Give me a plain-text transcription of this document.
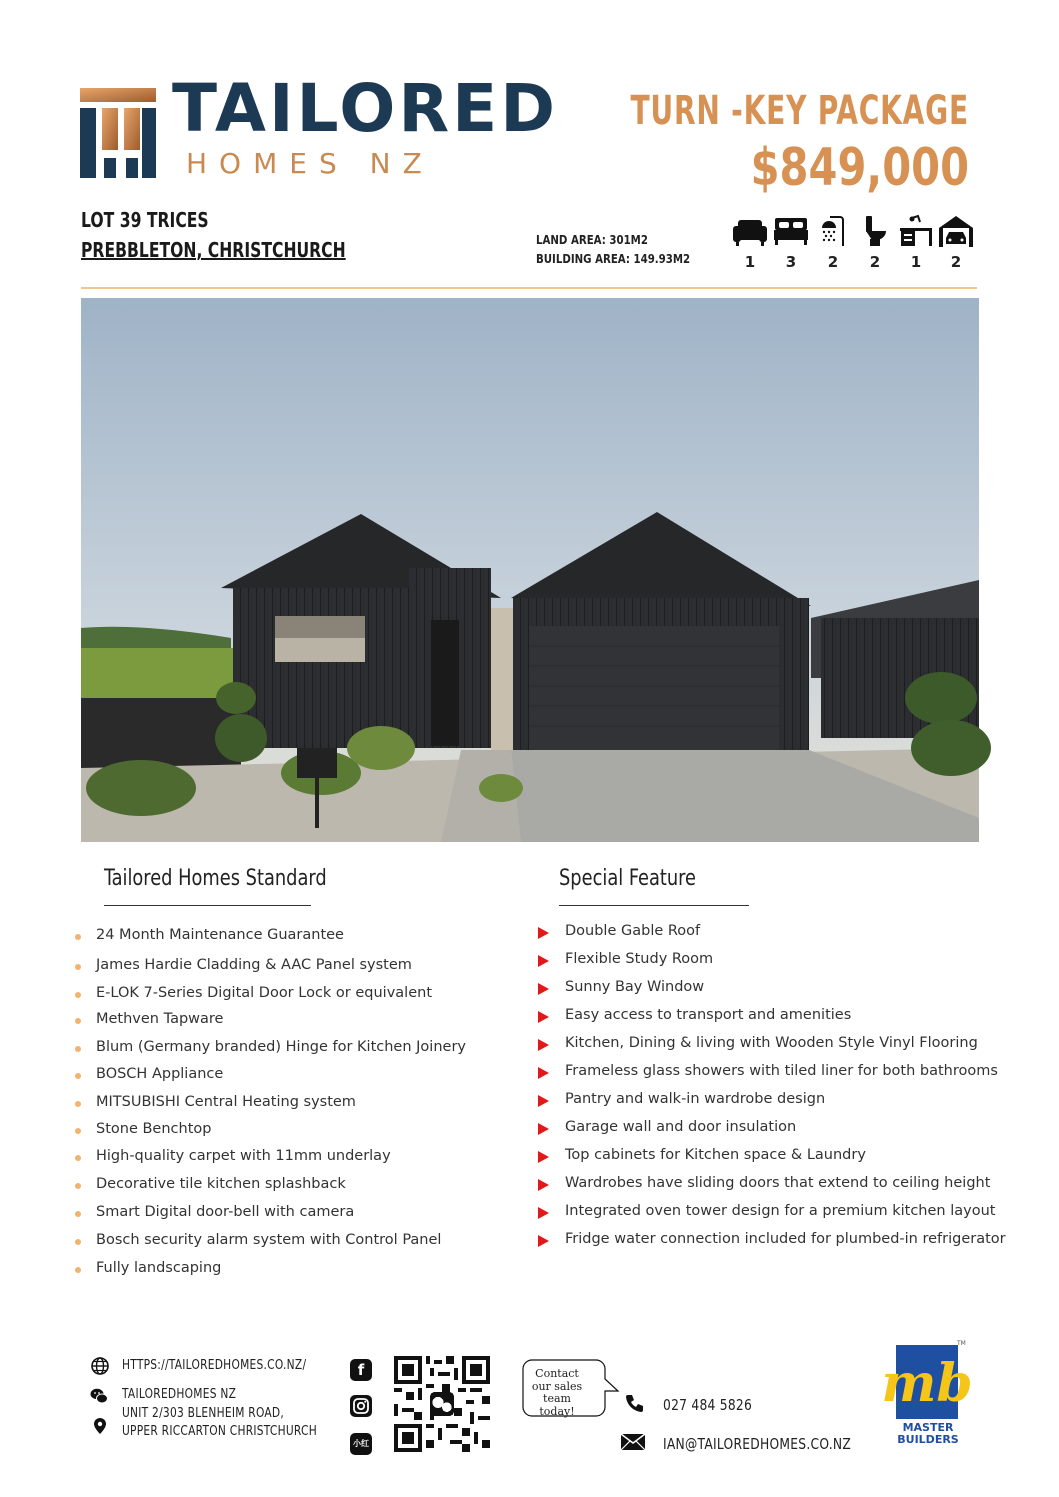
TAILORED
HOMES NZ
TURN -KEY PACKAGE
$849,000
LOT 39 TRICES
PREBBLETON, CHRISTCHURCH	LAND AREA: 301M2
BUILDING AREA: 149.93M2	1	3	2	2	1	2
Tailored Homes Standard
24 Month Maintenance Guarantee
James Hardie Cladding & AAC Panel system
E-LOK 7-Series Digital Door Lock or equivalent
Methven Tapware
Blum (Germany branded) Hinge for Kitchen Joinery
BOSCH Appliance
MITSUBISHI Central Heating system
Stone Benchtop
High-quality carpet with 11mm underlay
Decorative tile kitchen splashback
Smart Digital door-bell with camera
Bosch security alarm system with Control Panel
Fully landscaping
Special Feature
Double Gable Roof
Flexible Study Room
Sunny Bay Window
Easy access to transport and amenities
Kitchen, Dining & living with Wooden Style Vinyl Flooring
Frameless glass showers with tiled liner for both bathrooms
Pantry and walk-in wardrobe design
Garage wall and door insulation
Top cabinets for Kitchen space & Laundry
Wardrobes have sliding doors that extend to ceiling height
Integrated oven tower design for a premium kitchen layout
Fridge water connection included for plumbed-in refrigerator
HTTPS://TAILOREDHOMES.CO.NZ/
TAILOREDHOMES NZ
UNIT 2/303 BLENHEIM ROAD,
UPPER RICCARTON CHRISTCHURCH
f
小红书
Contact our sales team today!	027 484 5826
IAN@TAILOREDHOMES.CO.NZ
mb
TM
MASTER
BUILDERS
